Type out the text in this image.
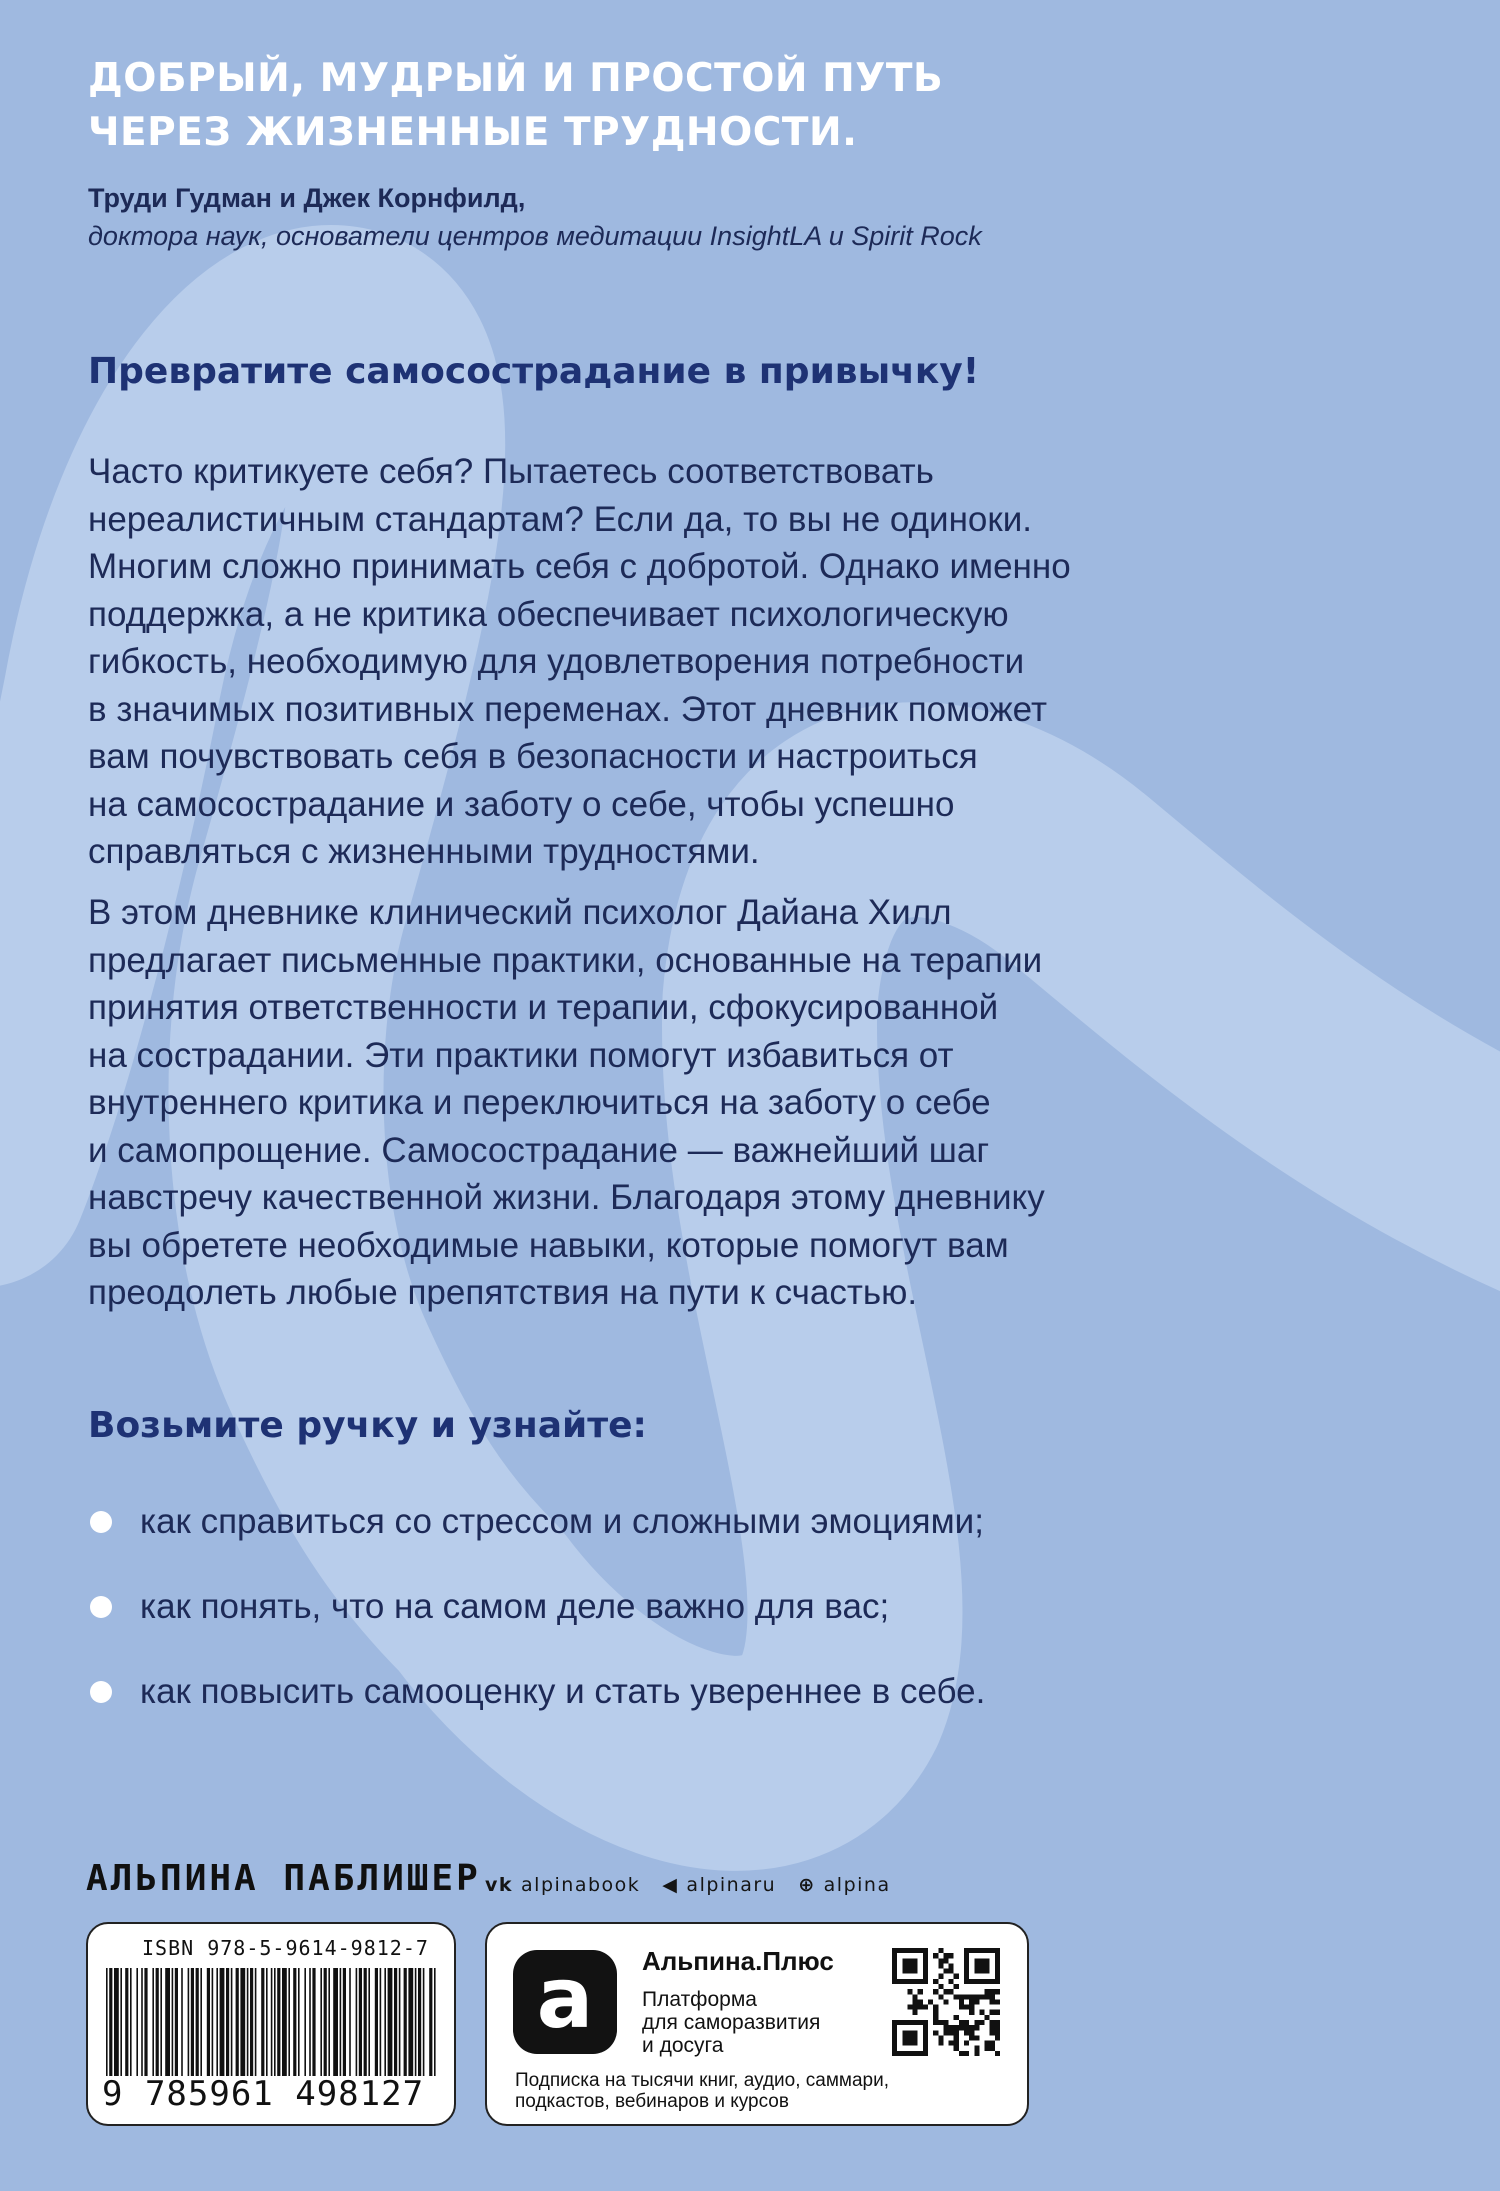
ДОБРЫЙ, МУДРЫЙ И ПРОСТОЙ ПУТЬ
ЧЕРЕЗ ЖИЗНЕННЫЕ ТРУДНОСТИ.
Труди Гудман и Джек Корнфилд,
доктора наук, основатели центров медитации InsightLA и Spirit Rock
Превратите самосострадание в привычку!
Часто критикуете себя? Пытаетесь соответствовать
нереалистичным стандартам? Если да, то вы не одиноки.
Многим сложно принимать себя с добротой. Однако именно
поддержка, а не критика обеспечивает психологическую
гибкость, необходимую для удовлетворения потребности
в значимых позитивных переменах. Этот дневник поможет
вам почувствовать себя в безопасности и настроиться
на самосострадание и заботу о себе, чтобы успешно
справляться с жизненными трудностями.
В этом дневнике клинический психолог Дайана Хилл
предлагает письменные практики, основанные на терапии
принятия ответственности и терапии, сфокусированной
на сострадании. Эти практики помогут избавиться от
внутреннего критика и переключиться на заботу о себе
и самопрощение. Самосострадание — важнейший шаг
навстречу качественной жизни. Благодаря этому дневнику
вы обретете необходимые навыки, которые помогут вам
преодолеть любые препятствия на пути к счастью.
Возьмите ручку и узнайте:
как справиться со стрессом и сложными эмоциями;
как понять, что на самом деле важно для вас;
как повысить самооценку и стать увереннее в себе.
АЛЬПИНА ПАБЛИШЕР vk alpinabook ◀ alpinaru ⊕ alpina
ISBN 978-5-9614-9812-7
9 785961 498127
a	Альпина.Плюс
Платформа
для саморазвития
и досуга
Подписка на тысячи книг, аудио, саммари,
подкастов, вебинаров и курсов
